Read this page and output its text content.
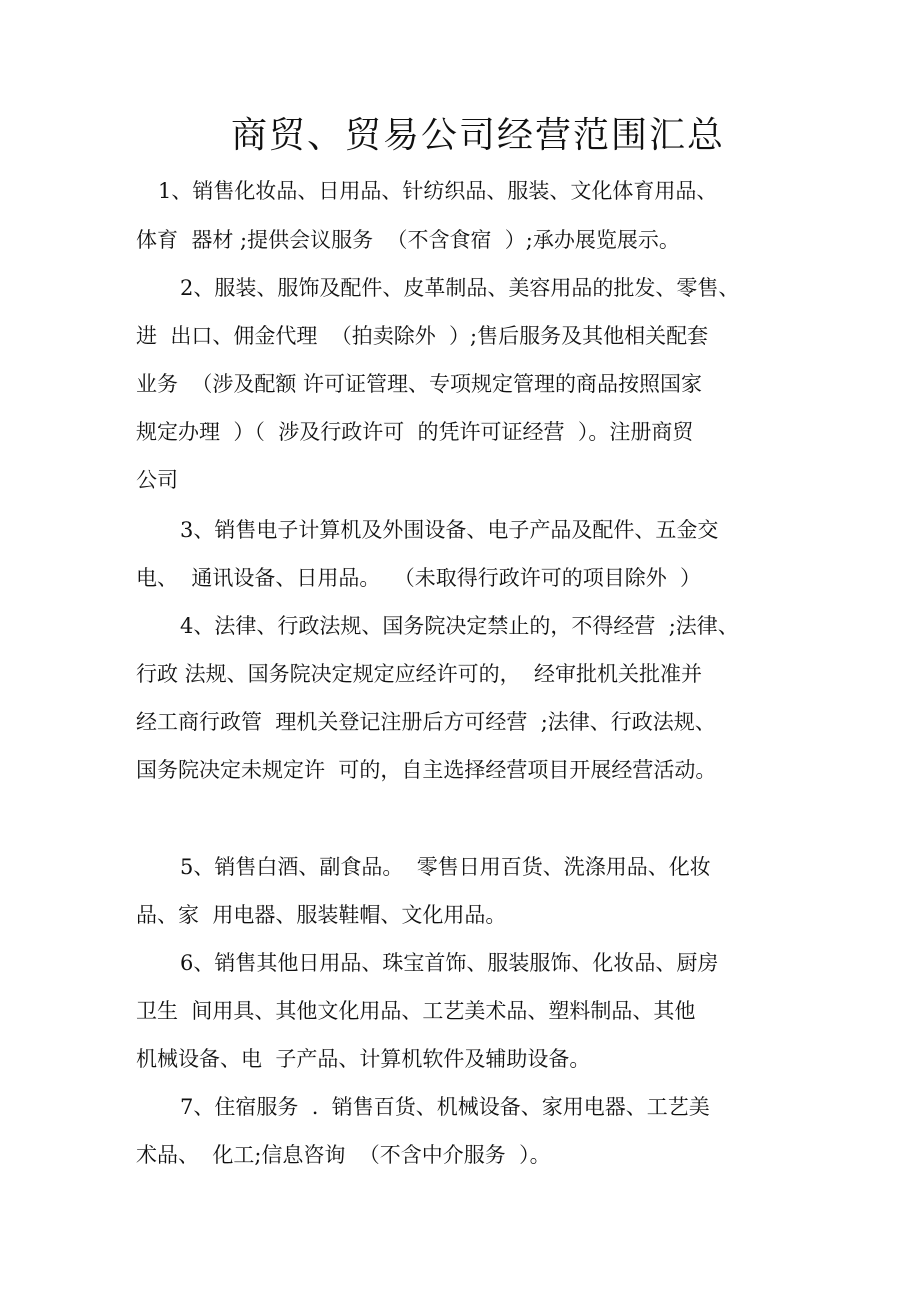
商贸、贸易公司经营范围汇总
1、销售化妆品、日用品、针纺织品、服装、文化体育用品、
体育  器材 ;提供会议服务  （不含食宿  ）;承办展览展示。
2、服装、服饰及配件、皮革制品、美容用品的批发、零售、
进  出口、佣金代理  （拍卖除外  ）;售后服务及其他相关配套
业务  （涉及配额 许可证管理、专项规定管理的商品按照国家
规定办理  ）（  涉及行政许可  的凭许可证经营  ）。注册商贸
公司
3、销售电子计算机及外围设备、电子产品及配件、五金交
电、  通讯设备、日用品。  （未取得行政许可的项目除外  ）
4、法律、行政法规、国务院决定禁止的，不得经营  ;法律、
行政 法规、国务院决定规定应经许可的，  经审批机关批准并
经工商行政管  理机关登记注册后方可经营  ;法律、行政法规、
国务院决定未规定许  可的，自主选择经营项目开展经营活动。
5、销售白酒、副食品。  零售日用百货、洗涤用品、化妆
品、家  用电器、服装鞋帽、文化用品。
6、销售其他日用品、珠宝首饰、服装服饰、化妆品、厨房
卫生  间用具、其他文化用品、工艺美术品、塑料制品、其他
机械设备、电  子产品、计算机软件及辅助设备。
7、住宿服务  .  销售百货、机械设备、家用电器、工艺美
术品、  化工;信息咨询  （不含中介服务  ）。
